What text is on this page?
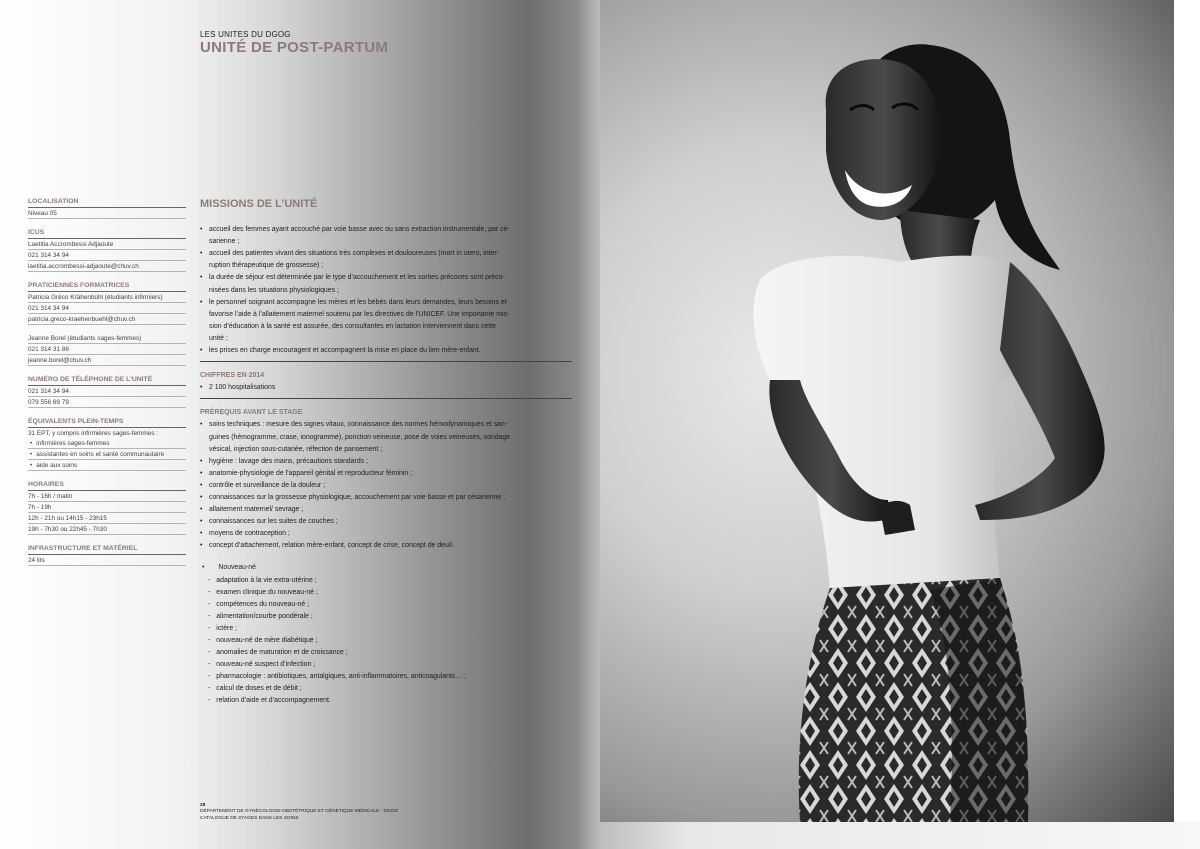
LES UNITES DU DGOG
UNITÉ DE POST-PARTUM
LOCALISATION
Niveau 05
ICUS
Laetitia Accrombessi Adjaoute
021 314 34 94
laetitia.accrombessi-adjaoute@chuv.ch
PRATICIENNES FORMATRICES
Patricia Gréco Krähenbühl (étudiants infirmiers)
021 314 34 94
patricia.greco-kraehenbuehl@chuv.ch
Jeanne Borel (étudiants sages-femmes)
021 314 31 86
jeanne.borel@chuv.ch
NUMÉRO DE TÉLÉPHONE DE L’UNITÉ
021 314 34 94
079 556 69 79
ÉQUIVALENTS PLEIN-TEMPS
31 EPT, y compris infirmières sages-femmes :
• infirmières sages-femmes
• assistantes en soins et santé communautaire
• aide aux soins
HORAIRES
7h - 16h / matin
7h - 19h
12h - 21h ou 14h15 - 23h15
19h - 7h30 ou 22h45 - 7h30
INFRASTRUCTURE ET MATÉRIEL
24 lits
MISSIONS DE L’UNITÉ
• accueil des femmes ayant accouché par voie basse avec ou sans extraction instrumentale, par cé-
sarienne ;
• accueil des patientes vivant des situations très complexes et douloureuses (mort in utero, inter-
ruption thérapeutique de grossesse) ;
• la durée de séjour est déterminée par le type d’accouchement et les sorties précoces sont préco-
nisées dans les situations physiologiques ;
• le personnel soignant accompagne les mères et les bébés dans leurs demandes, leurs besoins et
favorise l’aide à l’allaitement maternel soutenu par les directives de l’UNICEF. Une importante mis-
sion d’éducation à la santé est assurée, des consultantes en lactation interviennent dans cette
unité ;
• les prises en charge encouragent et accompagnent la mise en place du lien mère-enfant.
CHIFFRES EN 2014
• 2 100 hospitalisations
PRÉREQUIS AVANT LE STAGE
• soins techniques : mesure des signes vitaux, connaissance des normes hémodynamiques et san-
guines (hémogramme, crase, ionogramme), ponction veineuse, pose de voies veineuses, sondage
vésical, injection sous-cutanée, réfection de pansement ;
• hygiène : lavage des mains, précautions standards ;
• anatomie-physiologie de l’appareil génital et reproducteur féminin ;
• contrôle et surveillance de la douleur ;
• connaissances sur la grossesse physiologique, accouchement par voie basse et par césarienne ;
• allaitement maternel/ sevrage ;
• connaissances sur les suites de couches ;
• moyens de contraception ;
• concept d’attachement, relation mère-enfant, concept de crise, concept de deuil.
• Nouveau-né
- adaptation à la vie extra-utérine ;
- examen clinique du nouveau-né ;
- compétences du nouveau-né ;
- alimentation/courbe pondérale ;
- ictère ;
- nouveau-né de mère diabétique ;
- anomalies de maturation et de croissance ;
- nouveau-né suspect d’infection ;
- pharmacologie : antibiotiques, antalgiques, anti-inflammatoires, anticoagulants… ;
- calcul de doses et de débit ;
- relation d’aide et d’accompagnement.
28
DÉPARTEMENT DE GYNÉCOLOGIE-OBSTÉTRIQUE ET GÉNÉTIQUE MÉDICALE - DGOG
CATALOGUE DE STAGES DANS LES SOINS
